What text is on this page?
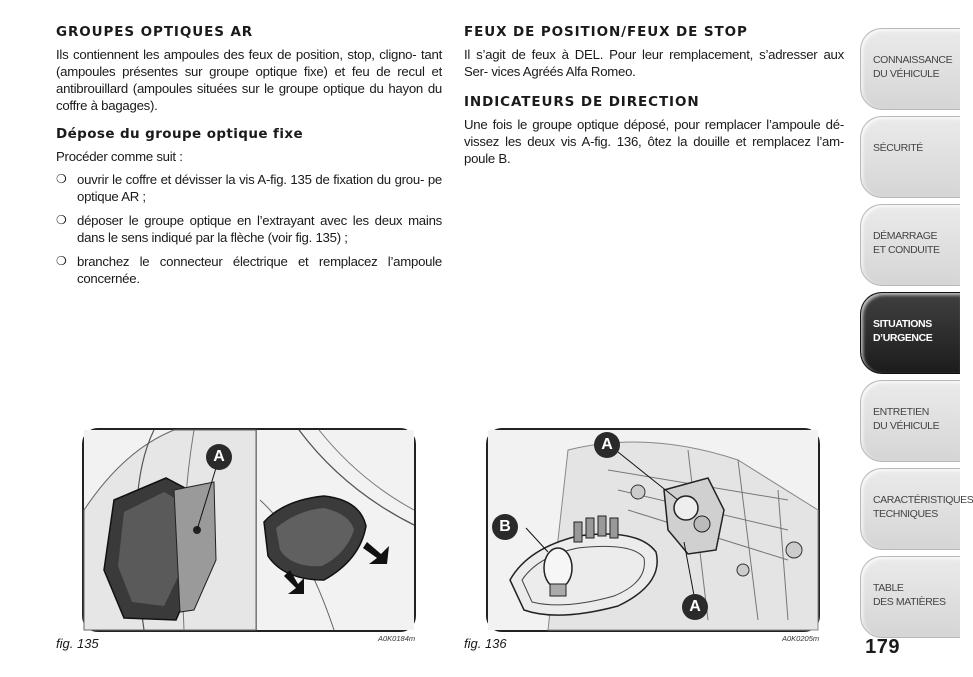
GROUPES OPTIQUES AR

Ils contiennent les ampoules des feux de position, stop, cligno- tant (ampoules présentes sur groupe optique fixe) et feu de recul et antibrouillard (ampoules situées sur le groupe optique du hayon du coffre à bagages).

Dépose du groupe optique fixe

Procéder comme suit :

❍ ouvrir le coffre et dévisser la vis A-fig. 135 de fixation du grou- pe optique AR ;
❍ déposer le groupe optique en l’extrayant avec les deux mains dans le sens indiqué par la flèche (voir fig. 135) ;
❍ branchez le connecteur électrique et remplacez l’ampoule concernée.
FEUX DE POSITION/FEUX DE STOP

Il s’agit de feux à DEL. Pour leur remplacement, s’adresser aux Ser- vices Agréés Alfa Romeo.

INDICATEURS DE DIRECTION

Une fois le groupe optique déposé, pour remplacer l’ampoule dé- vissez les deux vis A-fig. 136, ôtez la douille et remplacez l’am- poule B.

A
fig. 135	A0K0184m
A
B
A
fig. 136	A0K0205m
CONNAISSANCE
DU VÉHICULE
SÉCURITÉ
DÉMARRAGE
ET CONDUITE
SITUATIONS
D’URGENCE
ENTRETIEN
DU VÉHICULE
CARACTÉRISTIQUES
TECHNIQUES
TABLE
DES MATIÈRES
179
